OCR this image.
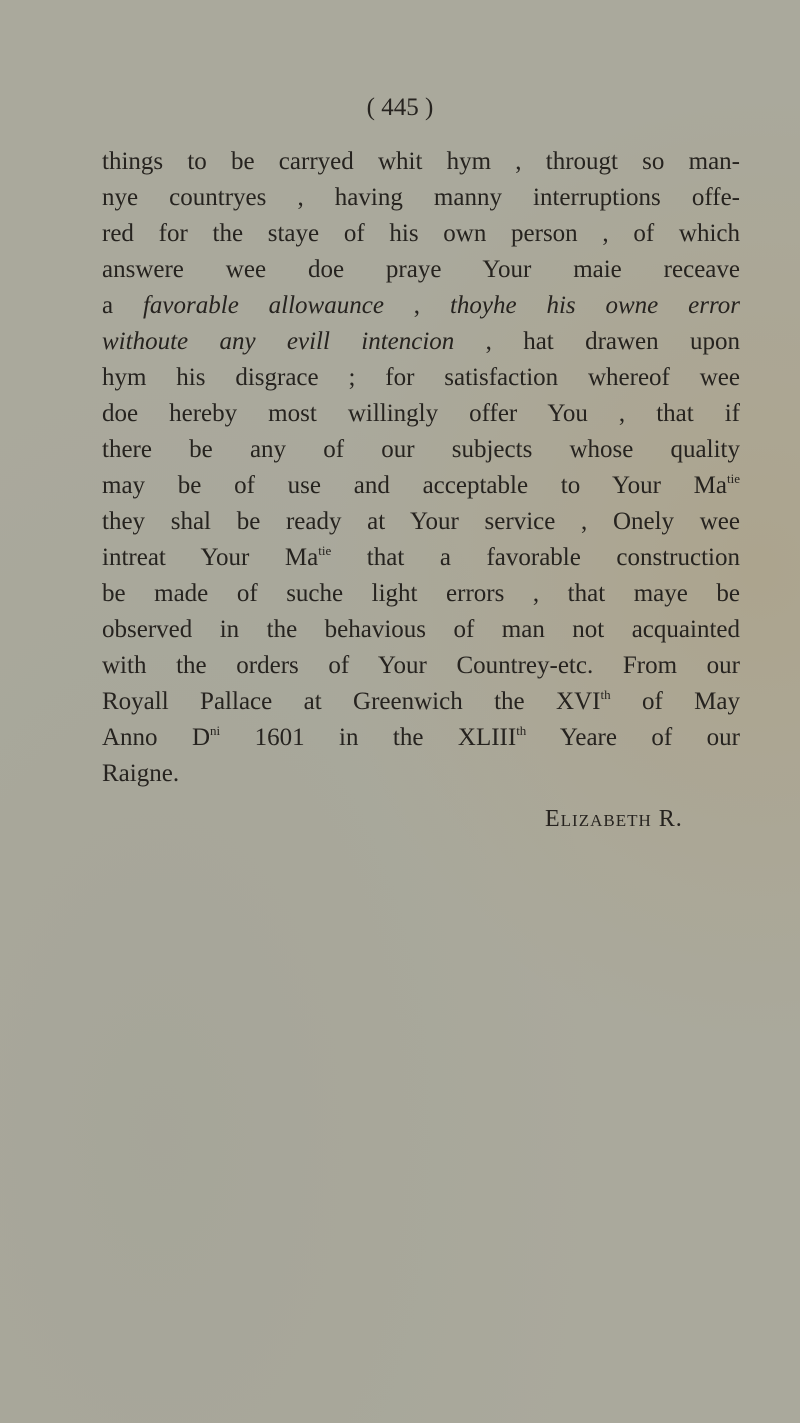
( 445 )
things to be carryed whit hym , througt so man-
nye countryes , having manny interruptions offe-
red for the staye of his own person , of which
answere wee doe praye Your maie receave
a favorable allowaunce , thoyhe his owne error
withoute any evill intencion , hat drawen upon
hym his disgrace ; for satisfaction whereof wee
doe hereby most willingly offer You , that if
there be any of our subjects whose quality
may be of use and acceptable to Your $Ma^{tie}$
they shal be ready at Your service , Onely wee
intreat Your $Ma^{tie}$ that a favorable construction
be made of suche light errors , that maye be
observed in the behavious of man not acquainted
with the orders of Your Countrey-etc. From our
Royall Pallace at Greenwich the XVIth of May
Anno $D^{ni}$ 1601 in the XLIIIth Yeare of our
Raigne.
Elizabeth R.
